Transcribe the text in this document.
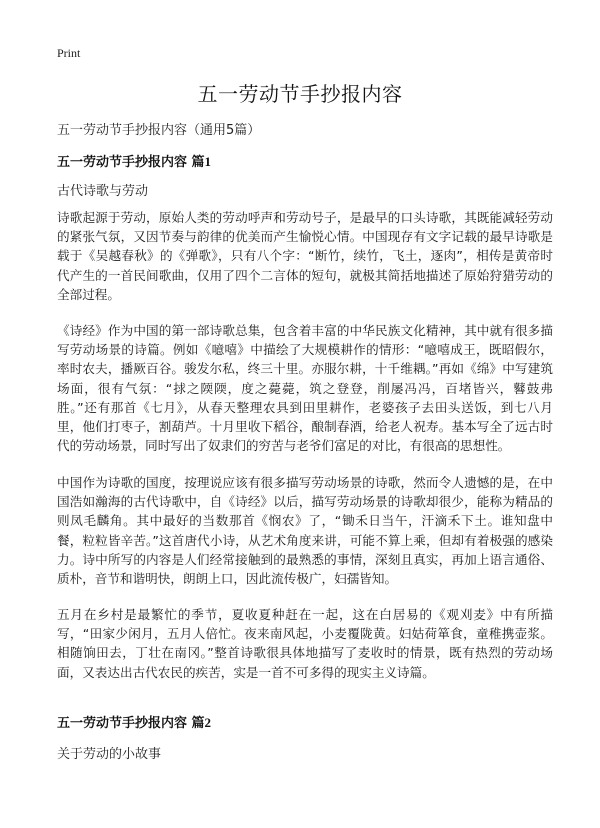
Print
五一劳动节手抄报内容

五一劳动节手抄报内容（通用5篇）

五一劳动节手抄报内容 篇1

古代诗歌与劳动

诗歌起源于劳动，原始人类的劳动呼声和劳动号子，是最早的口头诗歌，其既能减轻劳动的紧张气氛，又因节奏与韵律的优美而产生愉悦心情。中国现存有文字记载的最早诗歌是载于《吴越春秋》的《弹歌》，只有八个字：“断竹，续竹，飞土，逐肉”，相传是黄帝时代产生的一首民间歌曲，仅用了四个二言体的短句，就极其简括地描述了原始狩猎劳动的全部过程。

《诗经》作为中国的第一部诗歌总集，包含着丰富的中华民族文化精神，其中就有很多描写劳动场景的诗篇。例如《噫嘻》中描绘了大规模耕作的情形：“噫嘻成王，既昭假尔，率时农夫，播厥百谷。骏发尔私，终三十里。亦服尔耕，十千维耦。”再如《绵》中写建筑场面，很有气氛：“捄之陾陾，度之薨薨，筑之登登，削屡冯冯，百堵皆兴，鼛鼓弗胜。”还有那首《七月》，从春天整理农具到田里耕作，老婆孩子去田头送饭，到七八月里，他们打枣子，割葫芦。十月里收下稻谷，酿制春酒，给老人祝寿。基本写全了远古时代的劳动场景，同时写出了奴隶们的穷苦与老爷们富足的对比，有很高的思想性。

中国作为诗歌的国度，按理说应该有很多描写劳动场景的诗歌，然而令人遗憾的是，在中国浩如瀚海的古代诗歌中，自《诗经》以后，描写劳动场景的诗歌却很少，能称为精品的则凤毛麟角。其中最好的当数那首《悯农》了，“锄禾日当午，汗滴禾下土。谁知盘中餐，粒粒皆辛苦。”这首唐代小诗，从艺术角度来讲，可能不算上乘，但却有着极强的感染力。诗中所写的内容是人们经常接触到的最熟悉的事情，深刻且真实，再加上语言通俗、质朴，音节和谐明快，朗朗上口，因此流传极广，妇孺皆知。

五月在乡村是最繁忙的季节，夏收夏种赶在一起，这在白居易的《观刈麦》中有所描写，“田家少闲月，五月人倍忙。夜来南风起，小麦覆陇黄。妇姑荷箪食，童稚携壶浆。相随饷田去，丁壮在南冈。”整首诗歌很具体地描写了麦收时的情景，既有热烈的劳动场面，又表达出古代农民的疾苦，实是一首不可多得的现实主义诗篇。

五一劳动节手抄报内容 篇2

关于劳动的小故事
